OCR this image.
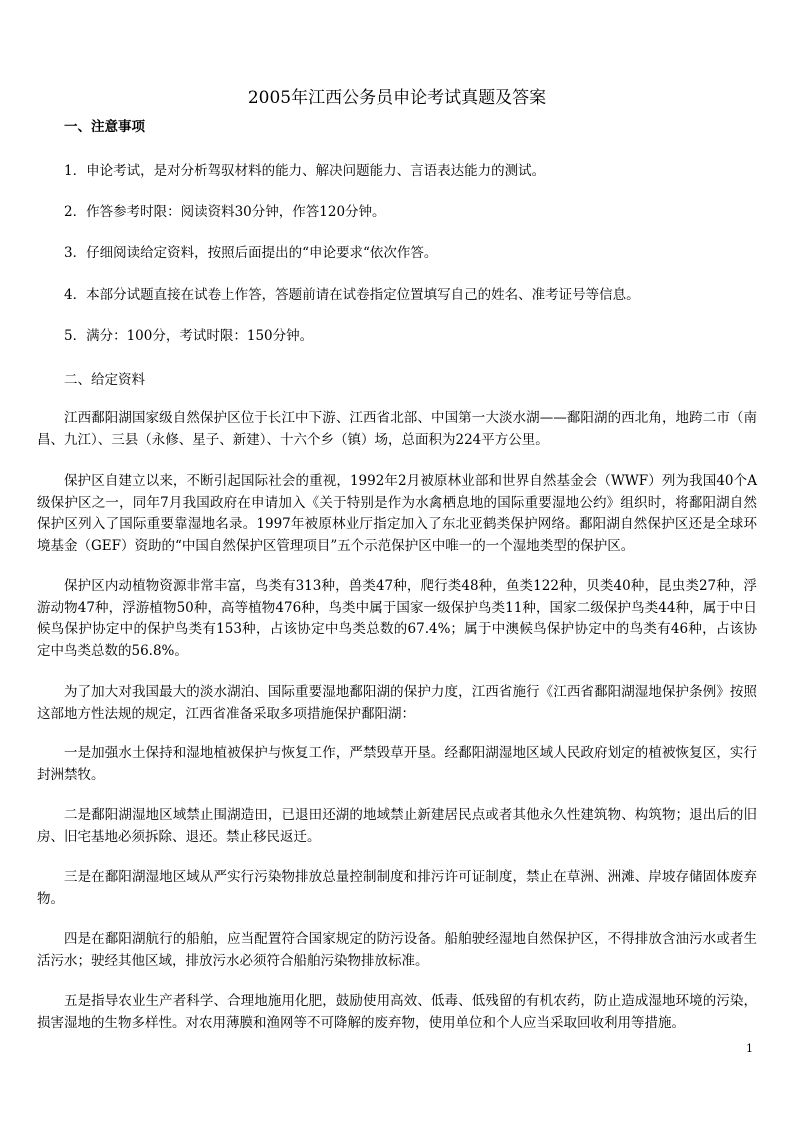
2005年江西公务员申论考试真题及答案
一、注意事项
1．申论考试，是对分析驾驭材料的能力、解决问题能力、言语表达能力的测试。
2．作答参考时限：阅读资料30分钟，作答120分钟。
3．仔细阅读给定资料，按照后面提出的“申论要求“依次作答。
4．本部分试题直接在试卷上作答，答题前请在试卷指定位置填写自己的姓名、准考证号等信息。
5．满分：100分，考试时限：150分钟。
二、给定资料
江西鄱阳湖国家级自然保护区位于长江中下游、江西省北部、中国第一大淡水湖——鄱阳湖的西北角，地跨二市（南昌、九江）、三县（永修、星子、新建）、十六个乡（镇）场，总面积为224平方公里。
保护区自建立以来，不断引起国际社会的重视，1992年2月被原林业部和世界自然基金会（WWF）列为我国40个A级保护区之一，同年7月我国政府在申请加入《关于特别是作为水禽栖息地的国际重要湿地公约》组织时，将鄱阳湖自然保护区列入了国际重要靠湿地名录。1997年被原林业厅指定加入了东北亚鹤类保护网络。鄱阳湖自然保护区还是全球环境基金（GEF）资助的“中国自然保护区管理项目”五个示范保护区中唯一的一个湿地类型的保护区。
保护区内动植物资源非常丰富，鸟类有313种，兽类47种，爬行类48种，鱼类122种，贝类40种，昆虫类27种，浮游动物47种，浮游植物50种，高等植物476种，鸟类中属于国家一级保护鸟类11种，国家二级保护鸟类44种，属于中日候鸟保护协定中的保护鸟类有153种，占该协定中鸟类总数的67.4%；属于中澳候鸟保护协定中的鸟类有46种，占该协定中鸟类总数的56.8%。
为了加大对我国最大的淡水湖泊、国际重要湿地鄱阳湖的保护力度，江西省施行《江西省鄱阳湖湿地保护条例》按照这部地方性法规的规定，江西省准备采取多项措施保护鄱阳湖：
一是加强水土保持和湿地植被保护与恢复工作，严禁毁草开垦。经鄱阳湖湿地区域人民政府划定的植被恢复区，实行封洲禁牧。
二是鄱阳湖湿地区域禁止围湖造田，已退田还湖的地域禁止新建居民点或者其他永久性建筑物、构筑物；退出后的旧房、旧宅基地必须拆除、退还。禁止移民返迁。
三是在鄱阳湖湿地区域从严实行污染物排放总量控制制度和排污许可证制度，禁止在草洲、洲滩、岸坡存储固体废弃物。
四是在鄱阳湖航行的船舶，应当配置符合国家规定的防污设备。船舶驶经湿地自然保护区，不得排放含油污水或者生活污水；驶经其他区域，排放污水必须符合船舶污染物排放标准。
五是指导农业生产者科学、合理地施用化肥，鼓励使用高效、低毒、低残留的有机农药，防止造成湿地环境的污染，损害湿地的生物多样性。对农用薄膜和渔网等不可降解的废弃物，使用单位和个人应当采取回收利用等措施。
1
